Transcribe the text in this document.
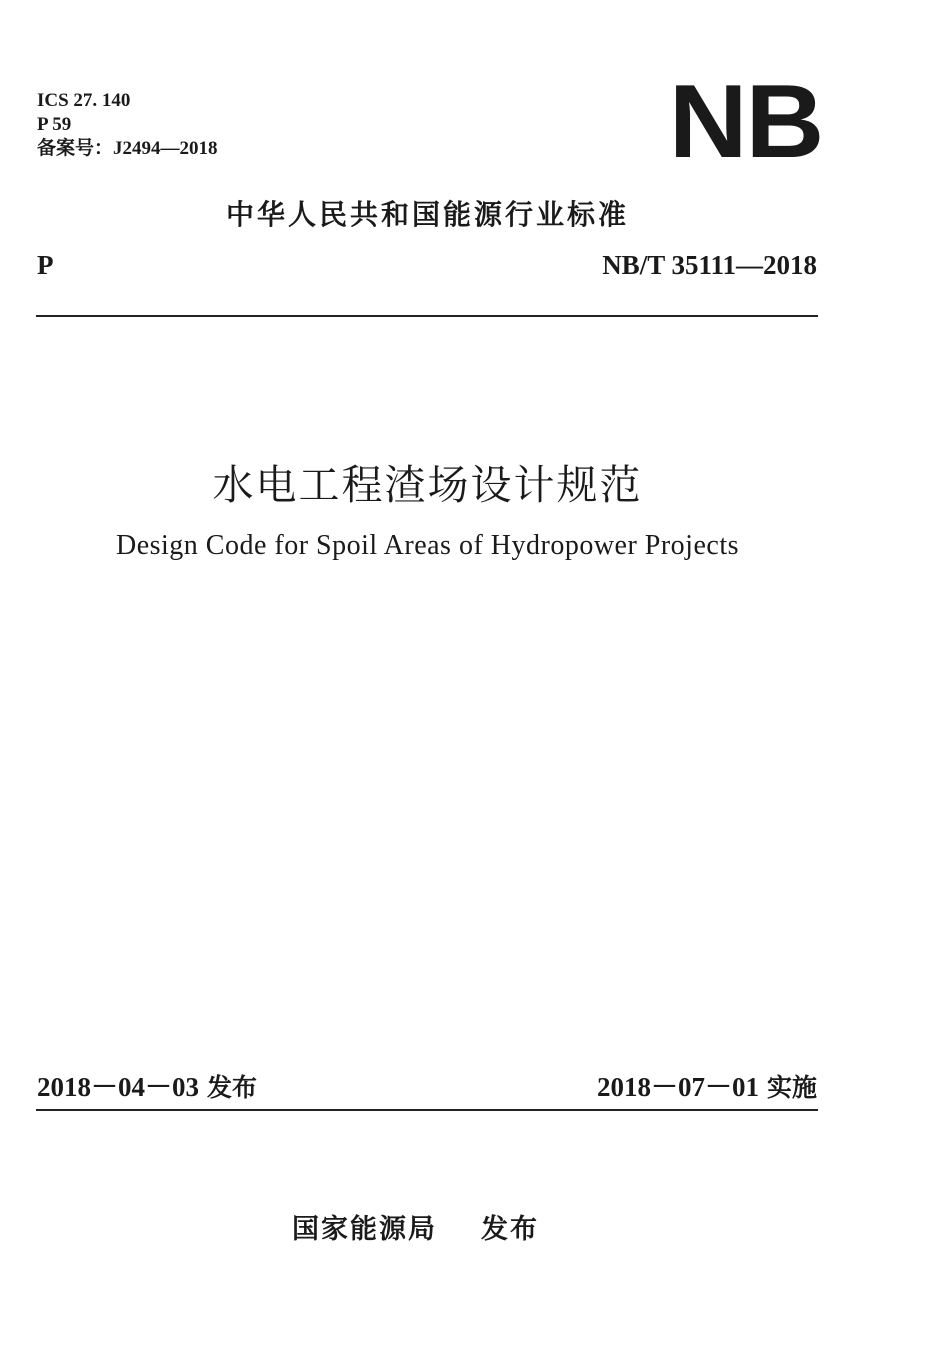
ICS 27. 140
P 59
备案号：J2494—2018	NB
中华人民共和国能源行业标准
P	NB/T 35111—2018
水电工程渣场设计规范
Design Code for Spoil Areas of Hydropower Projects
2018－04－03 发布	2018－07－01 实施
国家能源局 发布
